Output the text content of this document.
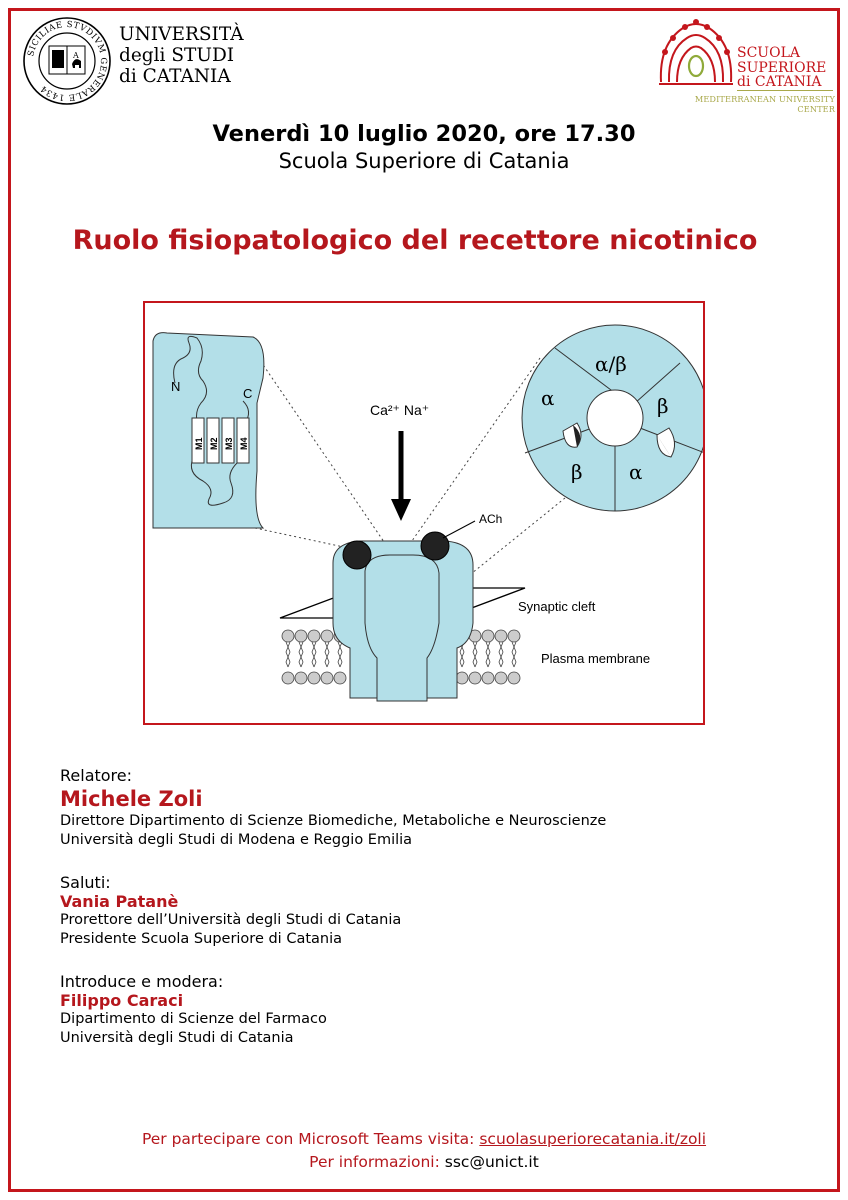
SICILIAE STVDIVM GENERALE 1434
A
UNIVERSITÀ
degli STUDI
di CATANIA
SCUOLA
SUPERIORE
di CATANIA
MEDITERRANEAN UNIVERSITY CENTER
Venerdì 10 luglio 2020, ore 17.30
Scuola Superiore di Catania
Ruolo fisiopatologico del recettore nicotinico
N	C
M1 M2 M3 M4
Ca²⁺ Na⁺
Synaptic cleft
Plasma membrane
ACh
α/β
α	β
β α
Relatore:
Michele Zoli
Direttore Dipartimento di Scienze Biomediche, Metaboliche e Neuroscienze
Università degli Studi di Modena e Reggio Emilia
Saluti:
Vania Patanè
Prorettore dell’Università degli Studi di Catania
Presidente Scuola Superiore di Catania
Introduce e modera:
Filippo Caraci
Dipartimento di Scienze del Farmaco
Università degli Studi di Catania
Per partecipare con Microsoft Teams visita: scuolasuperiorecatania.it/zoli
Per informazioni: ssc@unict.it
